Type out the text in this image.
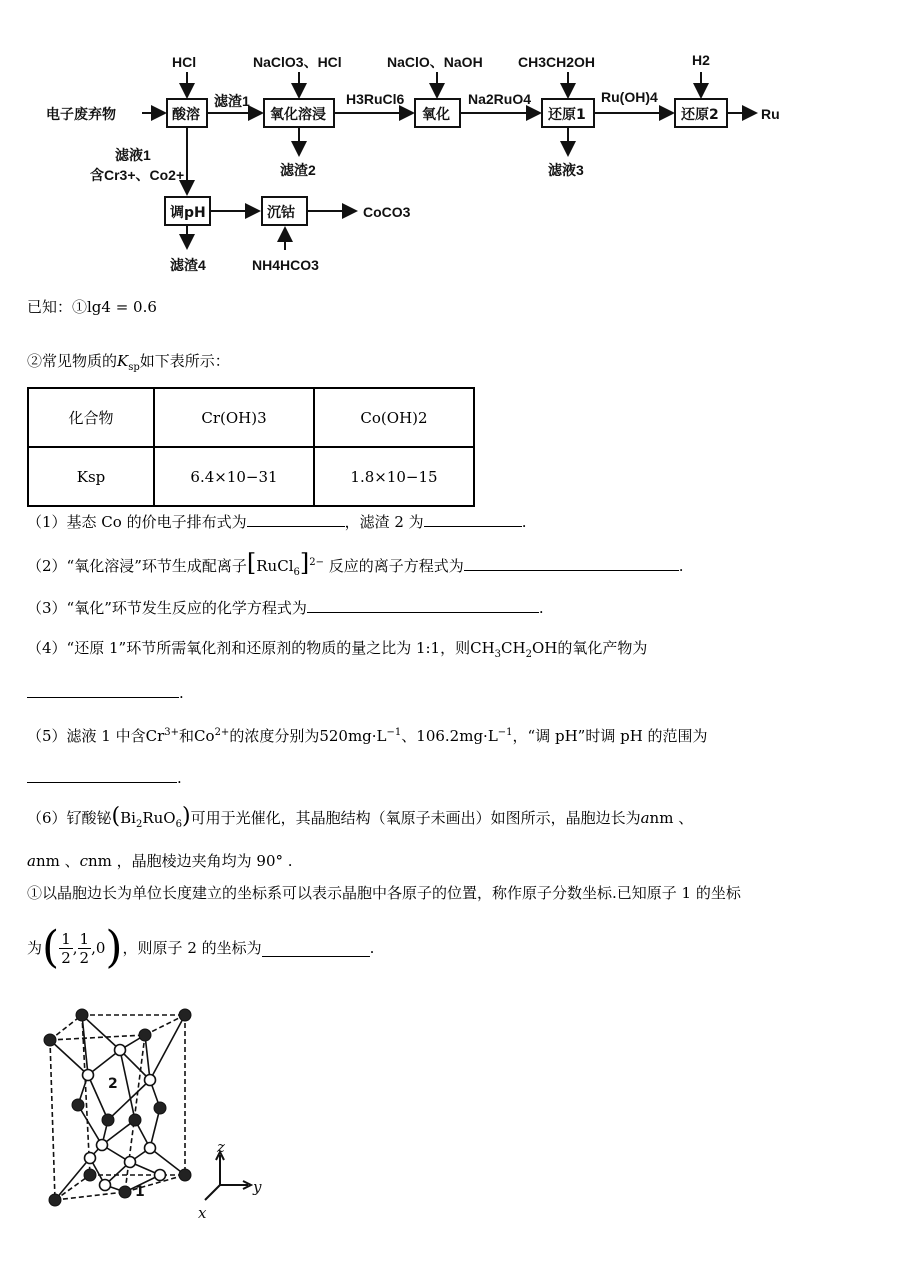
电子废弃物	酸溶
HCl
滤渣1
氧化溶浸
NaClO3、HCl
滤渣2
H3RuCl6
氧化
NaClO、NaOH
Na2RuO4
还原1
CH3CH2OH
滤液3
Ru(OH)4
还原2
H2
Ru
滤液1
含Cr3+、Co2+
调pH
滤渣4
沉钴	CoCO3
NH4HCO3
已知：①lg4 = 0.6
②常见物质的$K_{sp}$如下表所示：
化合物	Cr(OH)3	Co(OH)2
Ksp	6.4×10−31	1.8×10−15
（1）基态 Co 的价电子排布式为	，滤渣 2 为	.
（2）“氧化溶浸”环节生成配离子[RuCl$_6$]$^{2-}$ 反应的离子方程式为	.
（3）“氧化”环节发生反应的化学方程式为	.
（4）“还原 1”环节所需氧化剂和还原剂的物质的量之比为 1:1，则$CH_3CH_2OH$的氧化产物为
.
（5）滤液 1 中含$Cr^{3+}$和$Co^{2+}$的浓度分别为$520mg\cdot L^{-1}$、$106.2mg\cdot L^{-1}$，“调 pH”时调 pH 的范围为
.
（6）钌酸铋$(Bi_2RuO_6)$可用于光催化，其晶胞结构（氧原子未画出）如图所示，晶胞边长为anm 、
anm 、cnm ，晶胞棱边夹角均为 90° .
①以晶胞边长为单位长度建立的坐标系可以表示晶胞中各原子的位置，称作原子分数坐标.已知原子 1 的坐标
为 ( $\frac{1}{2}$ , $\frac{1}{2} ,0$ ) ，则原子 2 的坐标为	.
2
1
z
y
x
